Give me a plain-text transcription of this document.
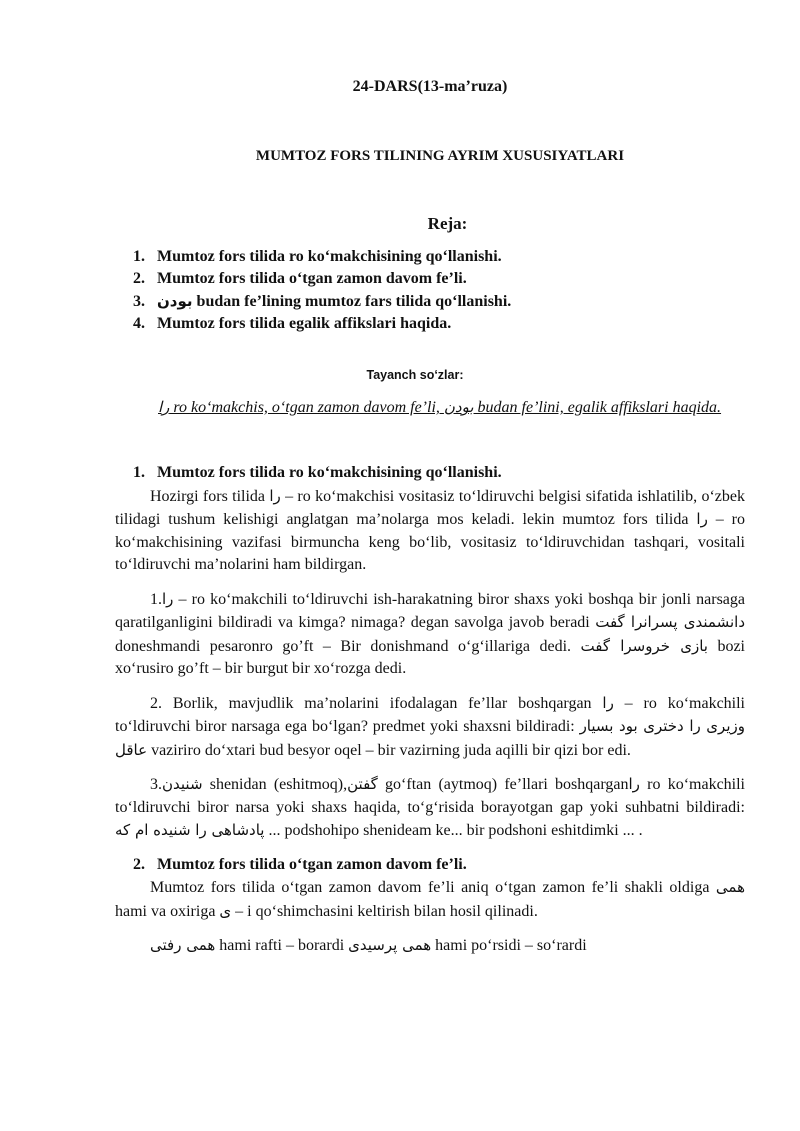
24-DARS(13-ma’ruza)
MUMTOZ FORS TILINING AYRIM XUSUSIYATLARI
Reja:
1. Mumtoz fors tilida ro ko‘makchisining qo‘llanishi.
2. Mumtoz fors tilida o‘tgan zamon davom fe’li.
3. بودن budan fe’lining mumtoz fars tilida qo‘llanishi.
4. Mumtoz fors tilida egalik affikslari haqida.
Tayanch so‘zlar:
را ro ko‘makchis, o‘tgan zamon davom fe’li, بودن budan fe’lini, egalik affikslari haqida.

1. Mumtoz fors tilida ro ko‘makchisining qo‘llanishi.

Hozirgi fors tilida را – ro ko‘makchisi vositasiz to‘ldiruvchi belgisi sifatida ishlatilib, o‘zbek tilidagi tushum kelishigi anglatgan ma’nolarga mos keladi. lekin mumtoz fors tilida را – ro ko‘makchisining vazifasi birmuncha keng bo‘lib, vositasiz to‘ldiruvchidan tashqari, vositali to‘ldiruvchi ma’nolarini ham bildirgan.

1.را – ro ko‘makchili to‘ldiruvchi ish-harakatning biror shaxs yoki boshqa bir jonli narsaga qaratilganligini bildiradi va kimga? nimaga? degan savolga javob beradi دانشمندی پسرانرا گفت doneshmandi pesaronro go’ft – Bir donishmand o‘g‘illariga dedi. بازی خروسرا گفت bozi xo‘rusiro go’ft – bir burgut bir xo‘rozga dedi.

2. Borlik, mavjudlik ma’nolarini ifodalagan fe’llar boshqargan را – ro ko‘makchili to‘ldiruvchi biror narsaga ega bo‘lgan? predmet yoki shaxsni bildiradi: وزیری را دختری بود بسیار عاقل vaziriro do‘xtari bud besyor oqel – bir vazirning juda aqilli bir qizi bor edi.

3.شنیدن shenidan (eshitmoq),گفتن go‘ftan (aytmoq) fe’llari boshqarganرا ro ko‘makchili to‘ldiruvchi biror narsa yoki shaxs haqida, to‘g‘risida borayotgan gap yoki suhbatni bildiradi: پادشاهی را شنیده ام که ... podshohipo shenideam ke... bir podshoni eshitdimki ... .

2. Mumtoz fors tilida o‘tgan zamon davom fe’li.

Mumtoz fors tilida o‘tgan zamon davom fe’li aniq o‘tgan zamon fe’li shakli oldiga همی hami va oxiriga ی – i qo‘shimchasini keltirish bilan hosil qilinadi.

همی رفتی hami rafti – borardi همی پرسیدی hami po‘rsidi – so‘rardi
